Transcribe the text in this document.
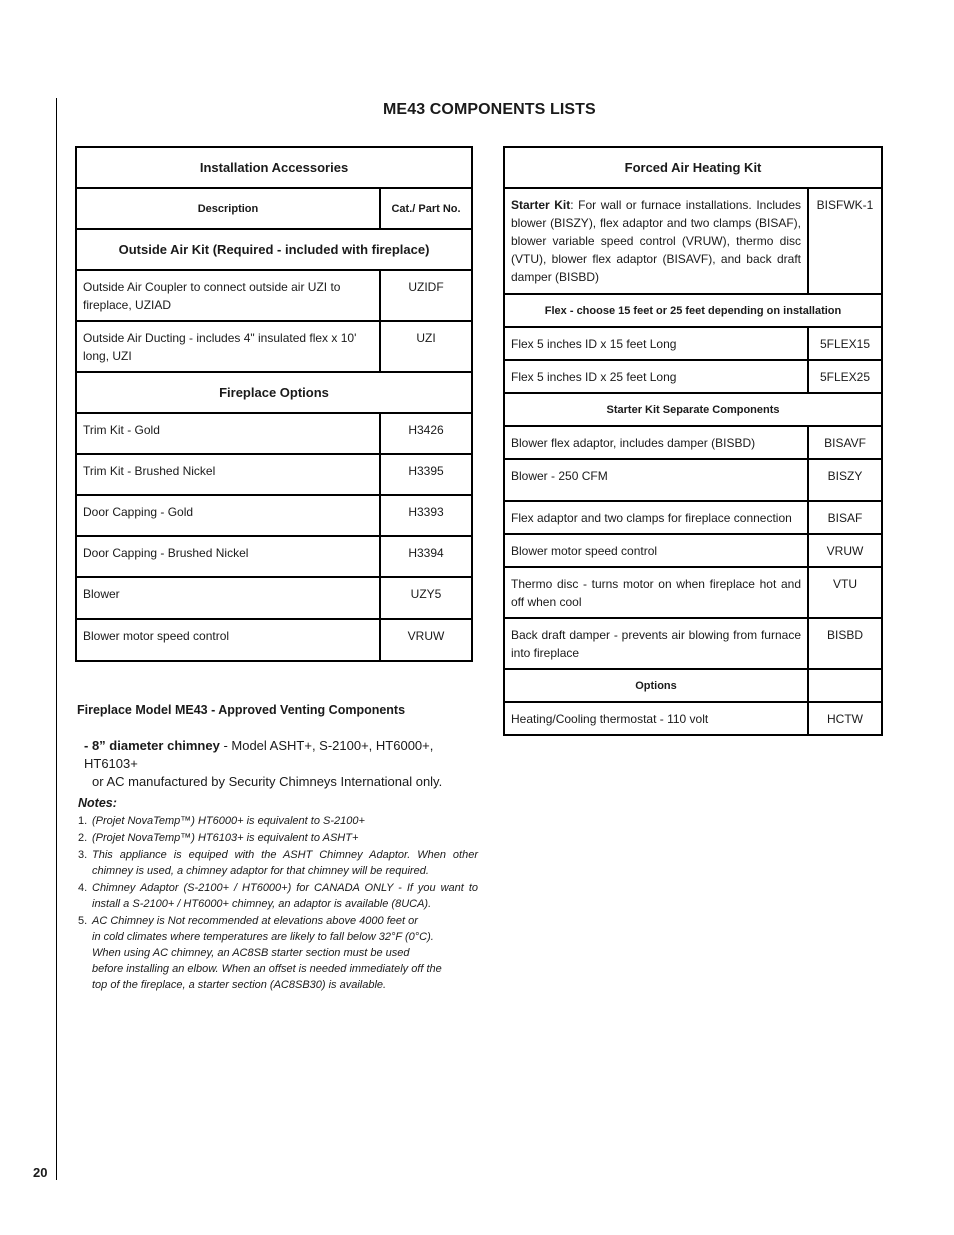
20
ME43 COMPONENTS LISTS
Installation Accessories	
Description	Cat./ Part No.
Outside Air Kit (Required - included with fireplace)	
Outside Air Coupler to connect outside air UZI to fireplace, UZIAD	UZIDF
Outside Air Ducting - includes 4" insulated flex x 10' long, UZI	UZI
Fireplace Options	
Trim Kit - Gold	H3426
Trim Kit - Brushed Nickel	H3395
Door Capping - Gold	H3393
Door Capping - Brushed Nickel	H3394
Blower	UZY5
Blower motor speed control	VRUW
Forced Air Heating Kit	
Starter Kit: For wall or furnace installations. Includes blower (BISZY), flex adaptor and two clamps (BISAF), blower variable speed control (VRUW), thermo disc (VTU), blower flex adaptor (BISAVF), and back draft damper (BISBD)	BISFWK-1
Flex - choose 15 feet or 25 feet depending on installation	
Flex 5 inches ID x 15 feet Long	5FLEX15
Flex 5 inches ID x 25 feet Long	5FLEX25
Starter Kit Separate Components	
Blower flex adaptor, includes damper (BISBD)	BISAVF
Blower - 250 CFM	BISZY
Flex adaptor and two clamps for fireplace connection	BISAF
Blower motor speed control	VRUW
Thermo disc - turns motor on when fireplace hot and off when cool	VTU
Back draft damper - prevents air blowing from furnace into fireplace	BISBD
Options	
Heating/Cooling thermostat - 110 volt	HCTW
Fireplace Model ME43 - Approved Venting Components
- 8” diameter chimney - Model ASHT+, S-2100+, HT6000+, HT6103+
or AC manufactured by Security Chimneys International only.
Notes:
1. (Projet NovaTemp™) HT6000+ is equivalent to S-2100+
2. (Projet NovaTemp™) HT6103+ is equivalent to ASHT+
3. This appliance is equiped with the ASHT Chimney Adaptor. When other chimney is used, a chimney adaptor for that chimney will be required.
4. Chimney Adaptor (S-2100+ / HT6000+) for CANADA ONLY - If you want to install a S-2100+ / HT6000+ chimney, an adaptor is available (8UCA).
5. AC Chimney is Not recommended at elevations above 4000 feet or
in cold climates where temperatures are likely to fall below 32°F (0°C).
When using AC chimney, an AC8SB starter section must be used
before installing an elbow. When an offset is needed immediately off the
top of the fireplace, a starter section (AC8SB30) is available.
